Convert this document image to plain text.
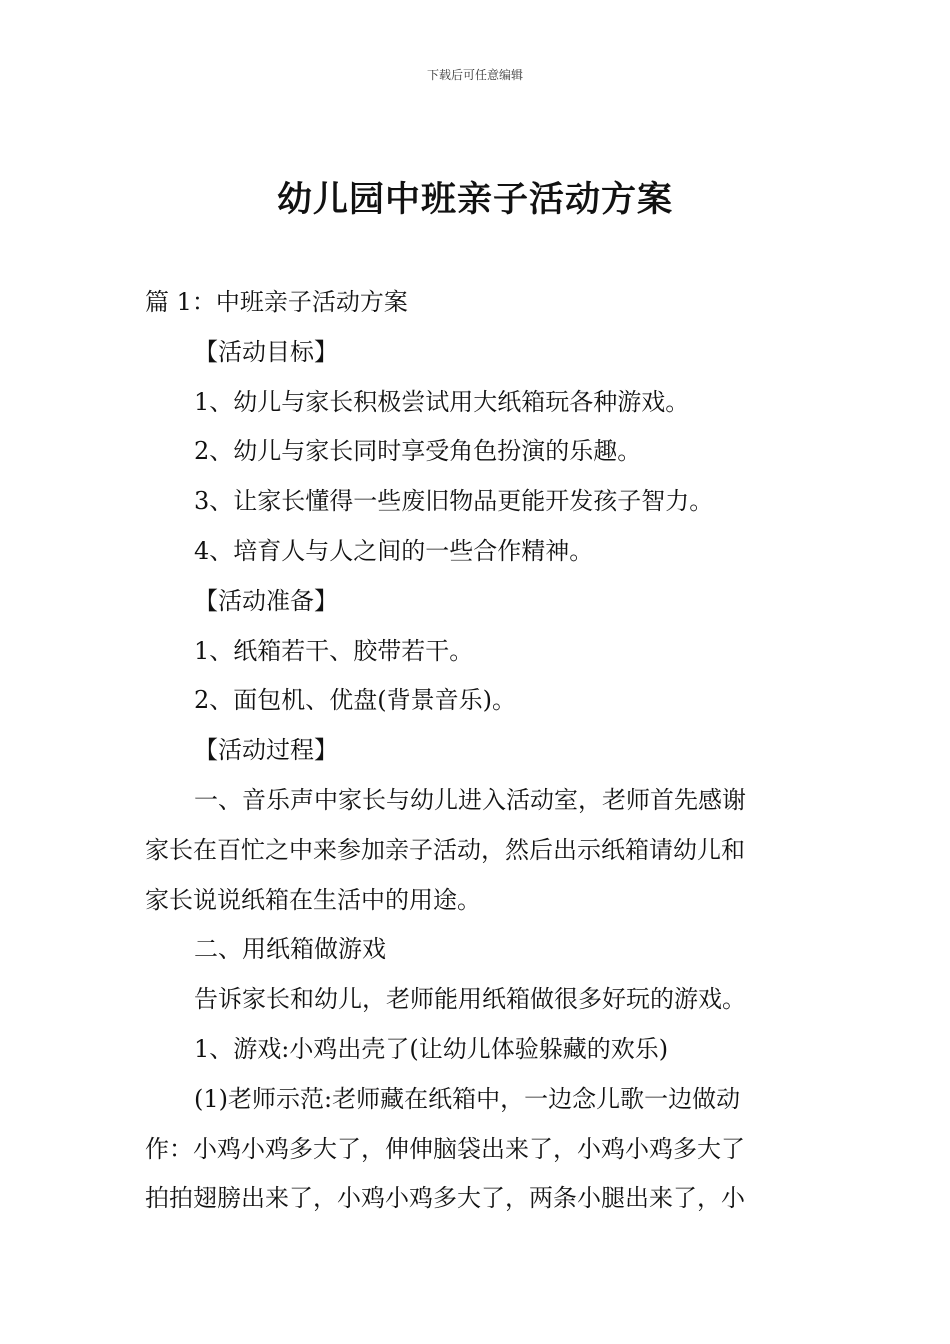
下载后可任意编辑
幼儿园中班亲子活动方案

篇 1：中班亲子活动方案

【活动目标】

1、幼儿与家长积极尝试用大纸箱玩各种游戏。

2、幼儿与家长同时享受角色扮演的乐趣。

3、让家长懂得一些废旧物品更能开发孩子智力。

4、培育人与人之间的一些合作精神。

【活动准备】

1、纸箱若干、胶带若干。

2、面包机、优盘(背景音乐)。

【活动过程】

一、音乐声中家长与幼儿进入活动室，老师首先感谢

家长在百忙之中来参加亲子活动，然后出示纸箱请幼儿和

家长说说纸箱在生活中的用途。

二、用纸箱做游戏

告诉家长和幼儿，老师能用纸箱做很多好玩的游戏。

1、游戏:小鸡出壳了(让幼儿体验躲藏的欢乐)

(1)老师示范:老师藏在纸箱中，一边念儿歌一边做动

作：小鸡小鸡多大了，伸伸脑袋出来了，小鸡小鸡多大了

拍拍翅膀出来了，小鸡小鸡多大了，两条小腿出来了，小
